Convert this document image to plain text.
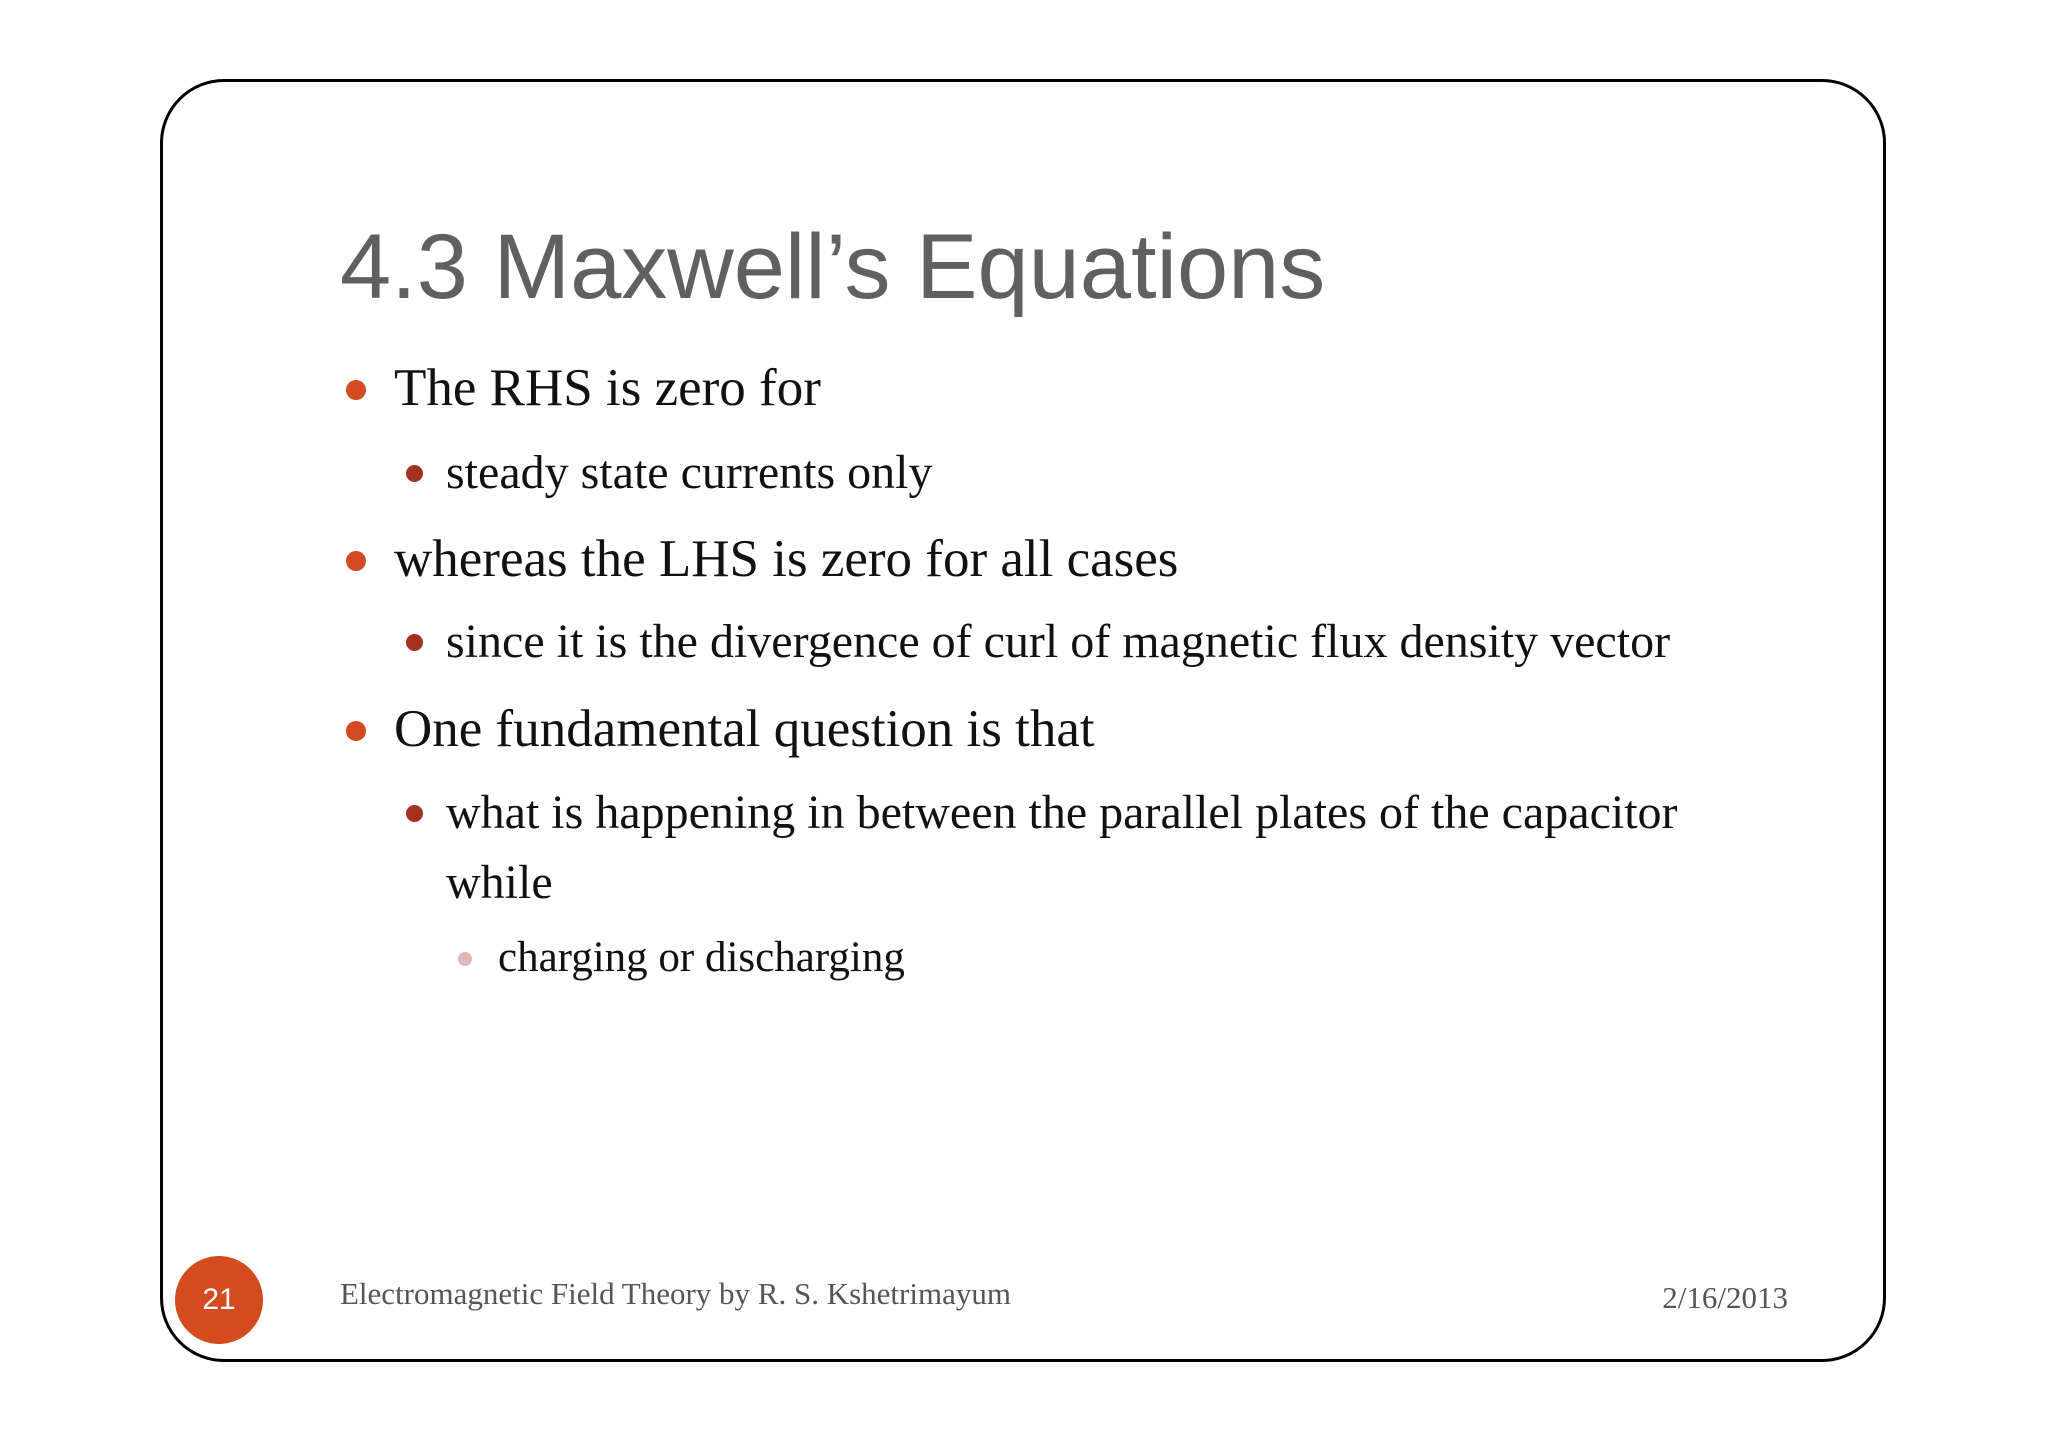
4.3 Maxwell’s Equations
The RHS is zero for
steady state currents only
whereas the LHS is zero for all cases
since it is the divergence of curl of magnetic flux density vector
One fundamental question is that
what is happening in between the parallel plates of the capacitor
while
charging or discharging
21	Electromagnetic Field Theory by R. S. Kshetrimayum	2/16/2013
